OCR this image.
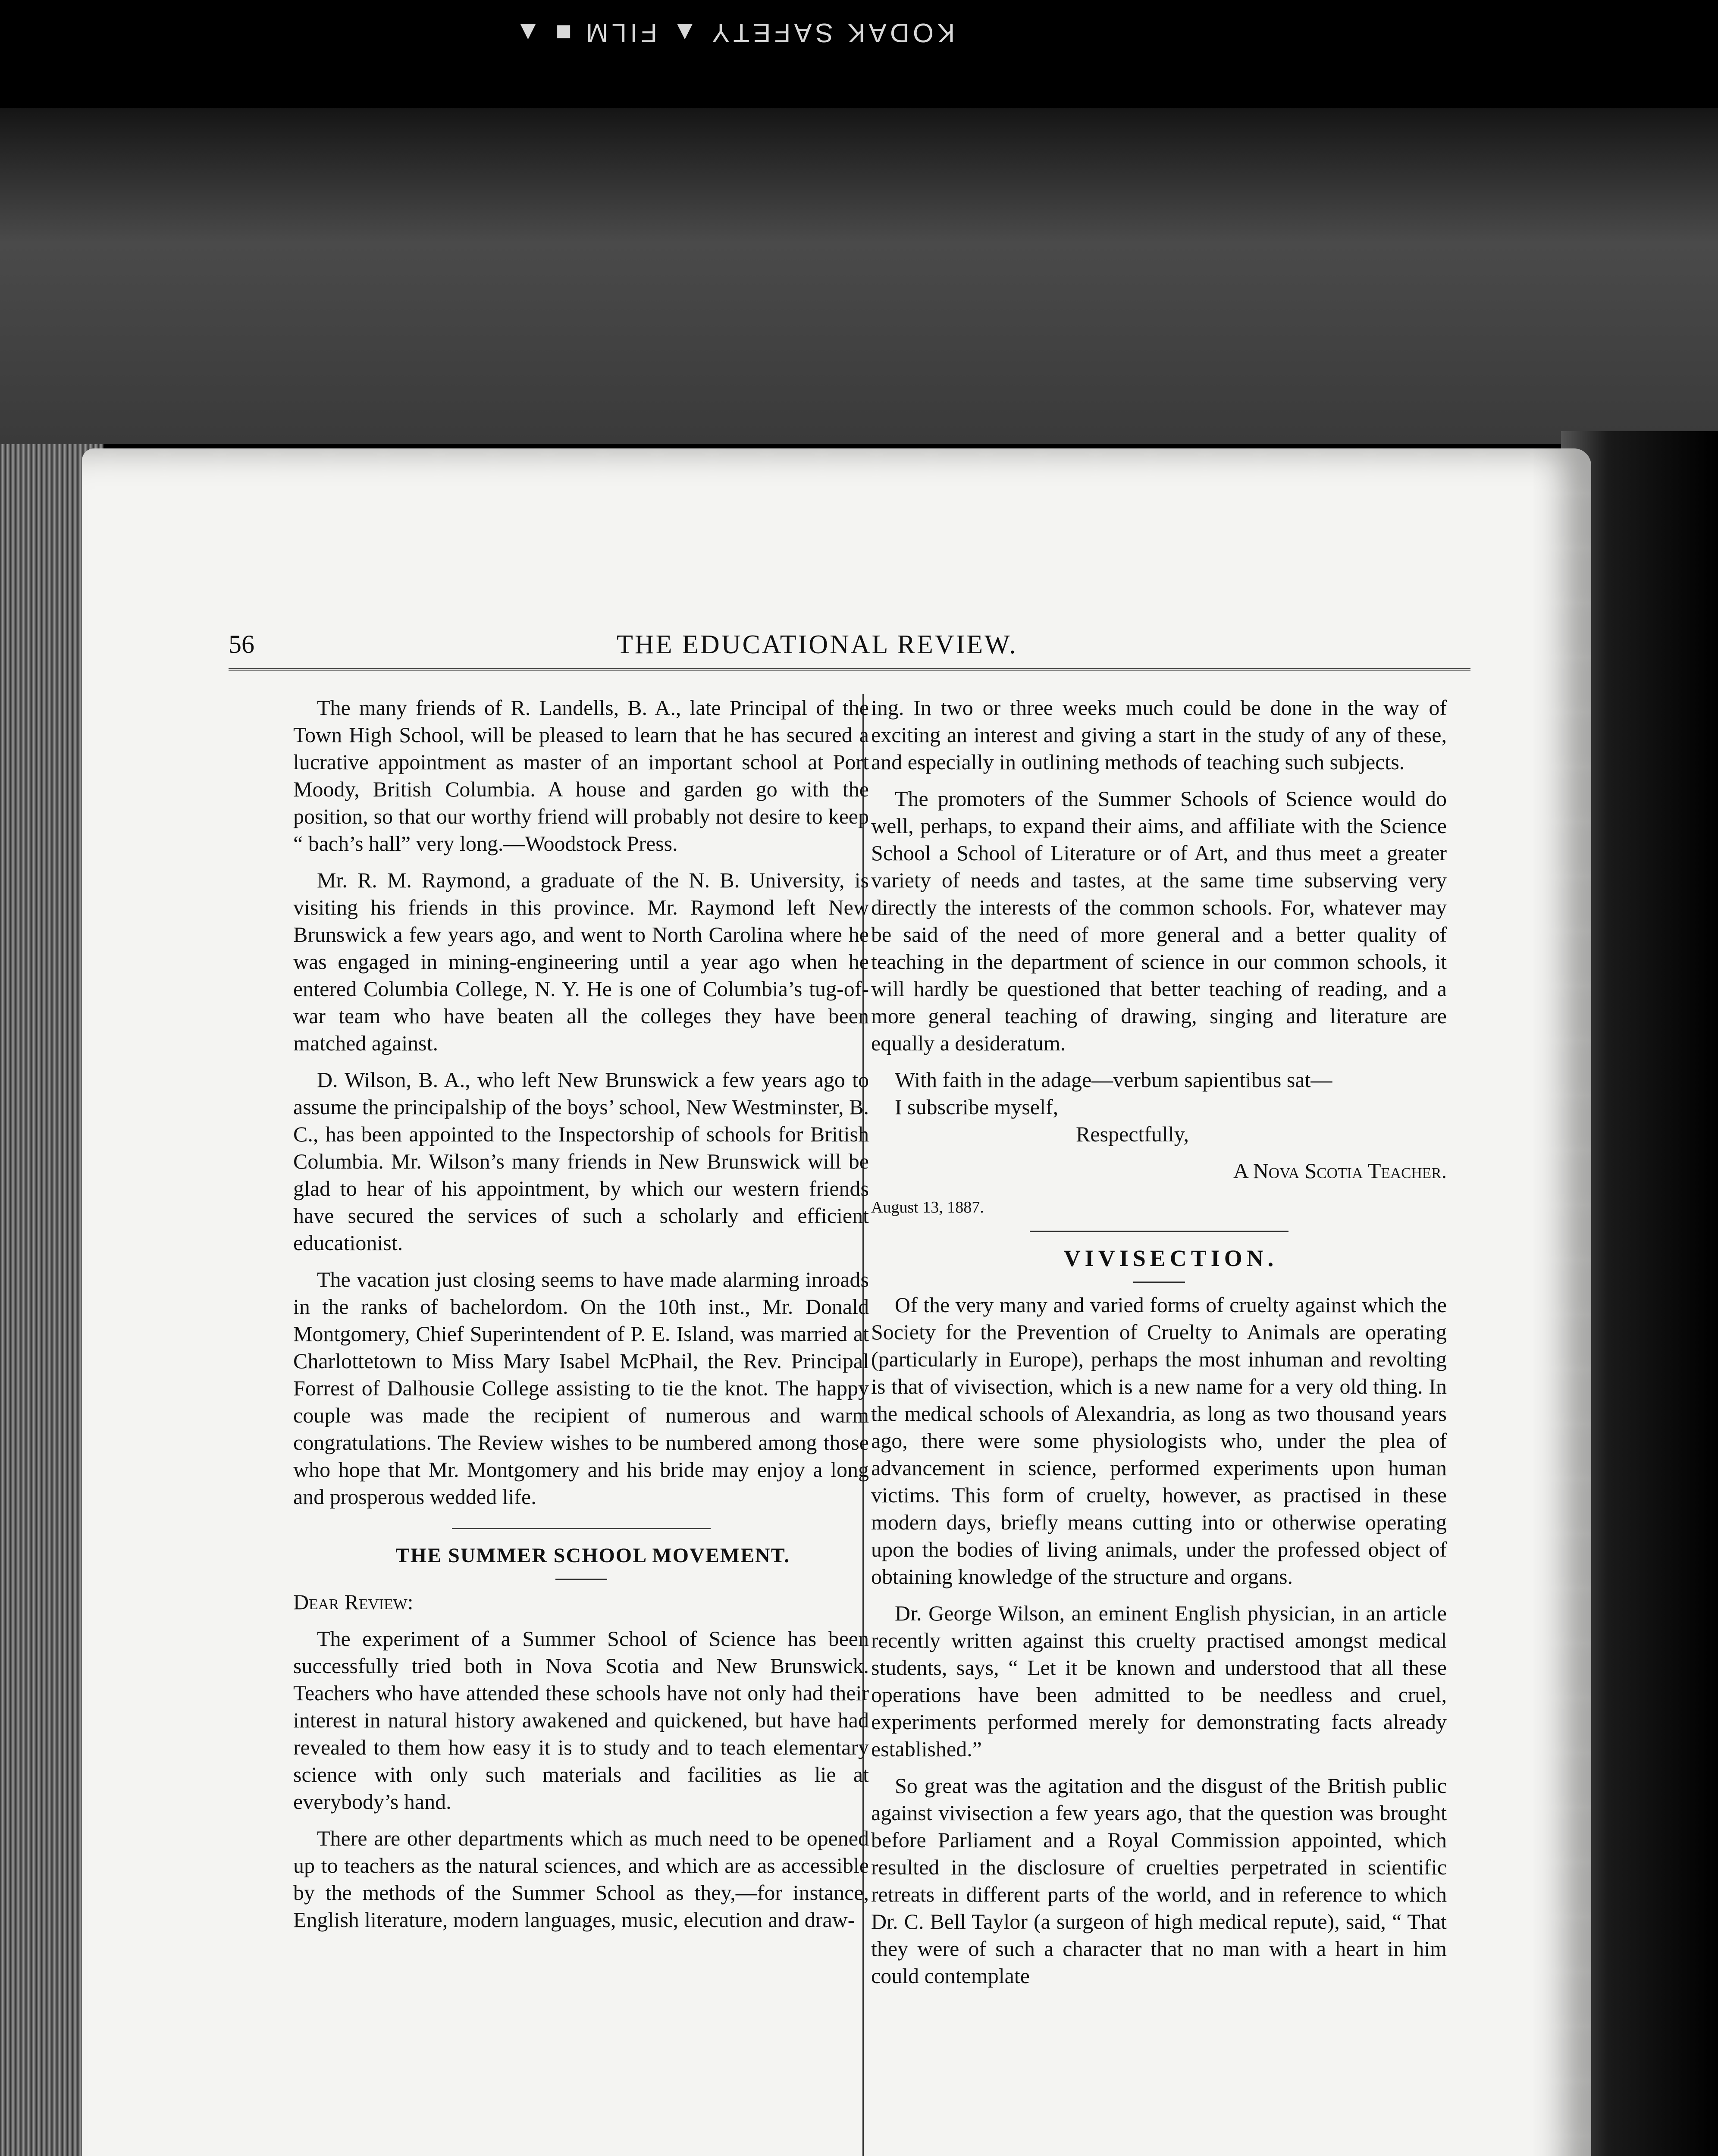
KODAK SAFETY ▲ FILM ■ ▲
56	THE EDUCATIONAL REVIEW.

The many friends of R. Landells, B. A., late Principal of the Town High School, will be pleased to learn that he has secured a lucrative appointment as master of an important school at Port Moody, British Columbia. A house and garden go with the position, so that our worthy friend will probably not desire to keep “ bach’s hall” very long.—Woodstock Press.

Mr. R. M. Raymond, a graduate of the N. B. University, is visiting his friends in this province. Mr. Raymond left New Brunswick a few years ago, and went to North Carolina where he was engaged in mining-engineering until a year ago when he entered Columbia College, N. Y. He is one of Columbia’s tug-of-war team who have beaten all the colleges they have been matched against.

D. Wilson, B. A., who left New Brunswick a few years ago to assume the principalship of the boys’ school, New Westminster, B. C., has been appointed to the Inspectorship of schools for British Columbia. Mr. Wilson’s many friends in New Brunswick will be glad to hear of his appointment, by which our western friends have secured the services of such a scholarly and efficient educationist.

The vacation just closing seems to have made alarming inroads in the ranks of bachelordom. On the 10th inst., Mr. Donald Montgomery, Chief Superintendent of P. E. Island, was married at Charlottetown to Miss Mary Isabel McPhail, the Rev. Principal Forrest of Dalhousie College assisting to tie the knot. The happy couple was made the recipient of numerous and warm congratulations. The Review wishes to be numbered among those who hope that Mr. Montgomery and his bride may enjoy a long and prosperous wedded life.

THE SUMMER SCHOOL MOVEMENT.

Dear Review:

The experiment of a Summer School of Science has been successfully tried both in Nova Scotia and New Brunswick. Teachers who have attended these schools have not only had their interest in natural history awakened and quickened, but have had revealed to them how easy it is to study and to teach elementary science with only such materials and facilities as lie at everybody’s hand.

There are other departments which as much need to be opened up to teachers as the natural sciences, and which are as accessible by the methods of the Summer School as they,—for instance, English literature, modern languages, music, elecution and draw-

ing. In two or three weeks much could be done in the way of exciting an interest and giving a start in the study of any of these, and especially in outlining methods of teaching such subjects.

The promoters of the Summer Schools of Science would do well, perhaps, to expand their aims, and affiliate with the Science School a School of Literature or of Art, and thus meet a greater variety of needs and tastes, at the same time subserving very directly the interests of the common schools. For, whatever may be said of the need of more general and a better quality of teaching in the department of science in our common schools, it will hardly be questioned that better teaching of reading, and a more general teaching of drawing, singing and literature are equally a desideratum.

With faith in the adage—verbum sapientibus sat—

I subscribe myself,

Respectfully,

A Nova Scotia Teacher.

August 13, 1887.

VIVISECTION.

Of the very many and varied forms of cruelty against which the Society for the Prevention of Cruelty to Animals are operating (particularly in Europe), perhaps the most inhuman and revolting is that of vivisection, which is a new name for a very old thing. In the medical schools of Alexandria, as long as two thousand years ago, there were some physiologists who, under the plea of advancement in science, performed experiments upon human victims. This form of cruelty, however, as practised in these modern days, briefly means cutting into or otherwise operating upon the bodies of living animals, under the professed object of obtaining knowledge of the structure and organs.

Dr. George Wilson, an eminent English physician, in an article recently written against this cruelty practised amongst medical students, says, “ Let it be known and understood that all these operations have been admitted to be needless and cruel, experiments performed merely for demonstrating facts already established.”

So great was the agitation and the disgust of the British public against vivisection a few years ago, that the question was brought before Parliament and a Royal Commission appointed, which resulted in the disclosure of cruelties perpetrated in scientific retreats in different parts of the world, and in reference to which Dr. C. Bell Taylor (a surgeon of high medical repute), said, “ That they were of such a character that no man with a heart in him could contemplate
